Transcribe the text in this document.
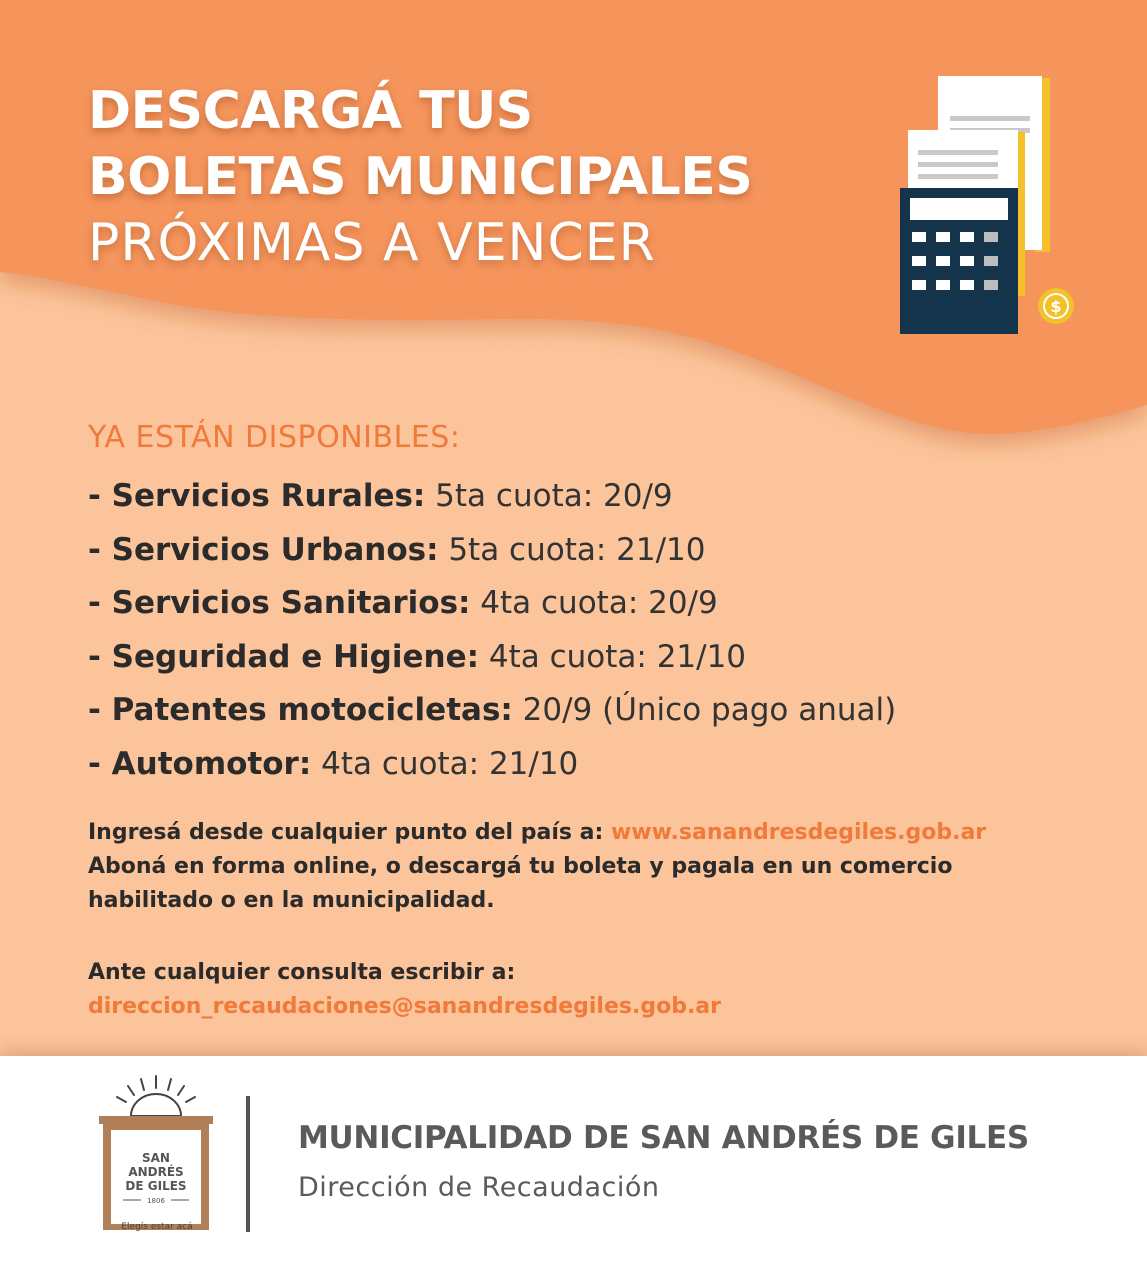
DESCARGÁ TUS
BOLETAS MUNICIPALES
PRÓXIMAS A VENCER
$
YA ESTÁN DISPONIBLES:
- Servicios Rurales: 5ta cuota: 20/9
- Servicios Urbanos: 5ta cuota: 21/10
- Servicios Sanitarios: 4ta cuota: 20/9
- Seguridad e Higiene: 4ta cuota: 21/10
- Patentes motocicletas: 20/9 (Único pago anual)
- Automotor: 4ta cuota: 21/10
Ingresá desde cualquier punto del país a: www.sanandresdegiles.gob.ar
Aboná en forma online, o descargá tu boleta y pagala en un comercio
habilitado o en la municipalidad.
Ante cualquier consulta escribir a:
direccion_recaudaciones@sanandresdegiles.gob.ar
SAN
ANDRÉS
DE GILES
1806
Elegís estar acá
MUNICIPALIDAD DE SAN ANDRÉS DE GILES
Dirección de Recaudación
